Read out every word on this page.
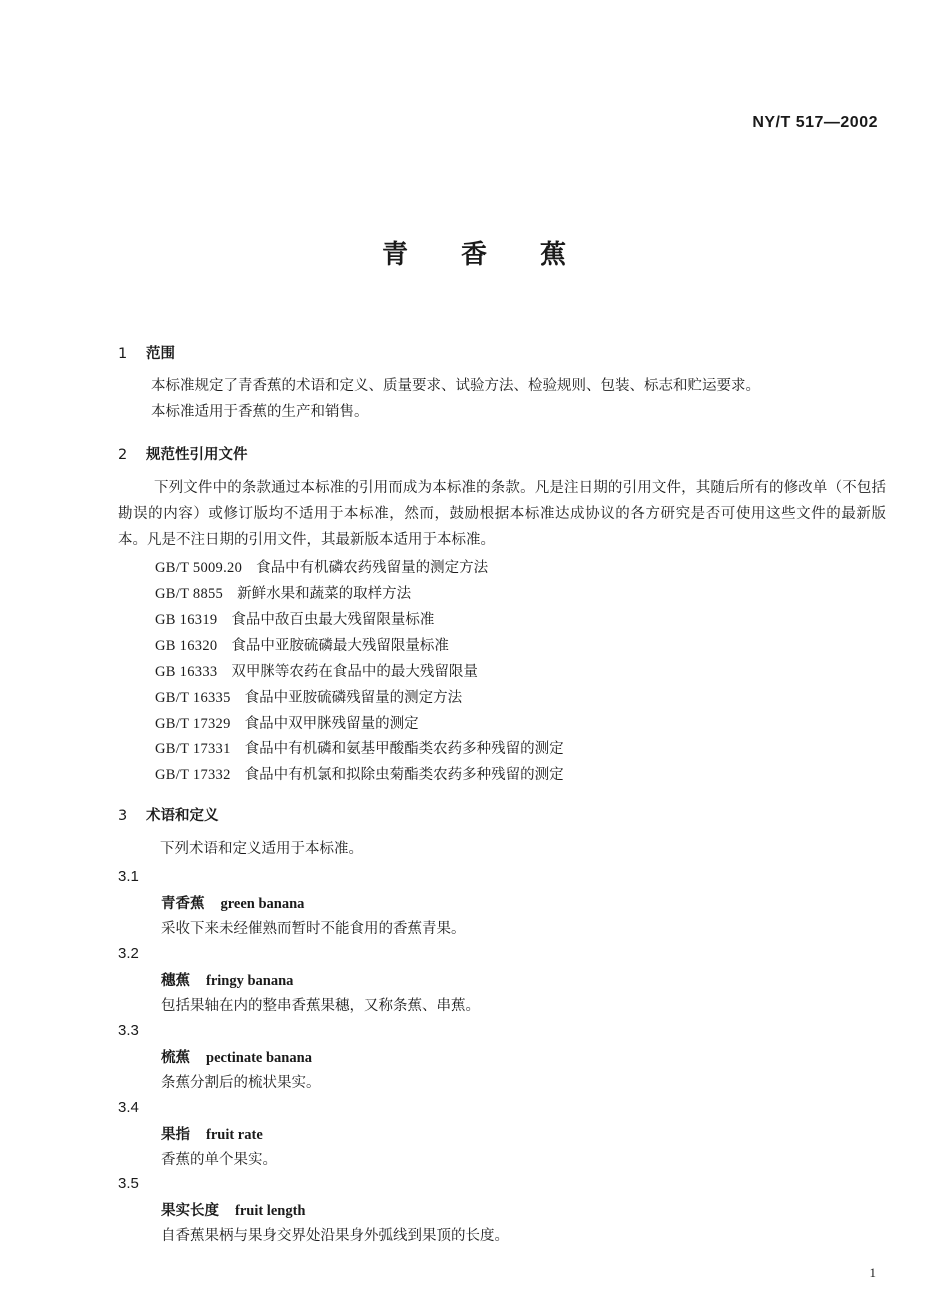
NY/T 517—2002
青 香 蕉
1 范围
本标准规定了青香蕉的术语和定义、质量要求、试验方法、检验规则、包装、标志和贮运要求。
本标准适用于香蕉的生产和销售。
2 规范性引用文件
下列文件中的条款通过本标准的引用而成为本标准的条款。凡是注日期的引用文件，其随后所有的修改单（不包括勘误的内容）或修订版均不适用于本标准，然而，鼓励根据本标准达成协议的各方研究是否可使用这些文件的最新版本。凡是不注日期的引用文件，其最新版本适用于本标准。
GB/T 5009.20 食品中有机磷农药残留量的测定方法
GB/T 8855 新鲜水果和蔬菜的取样方法
GB 16319 食品中敌百虫最大残留限量标准
GB 16320 食品中亚胺硫磷最大残留限量标准
GB 16333 双甲脒等农药在食品中的最大残留限量
GB/T 16335 食品中亚胺硫磷残留量的测定方法
GB/T 17329 食品中双甲脒残留量的测定
GB/T 17331 食品中有机磷和氨基甲酸酯类农药多种残留的测定
GB/T 17332 食品中有机氯和拟除虫菊酯类农药多种残留的测定
3 术语和定义
下列术语和定义适用于本标准。
3.1
青香蕉 green banana
采收下来未经催熟而暂时不能食用的香蕉青果。
3.2
穗蕉 fringy banana
包括果轴在内的整串香蕉果穗，又称条蕉、串蕉。
3.3
梳蕉 pectinate banana
条蕉分割后的梳状果实。
3.4
果指 fruit rate
香蕉的单个果实。
3.5
果实长度 fruit length
自香蕉果柄与果身交界处沿果身外弧线到果顶的长度。
1
